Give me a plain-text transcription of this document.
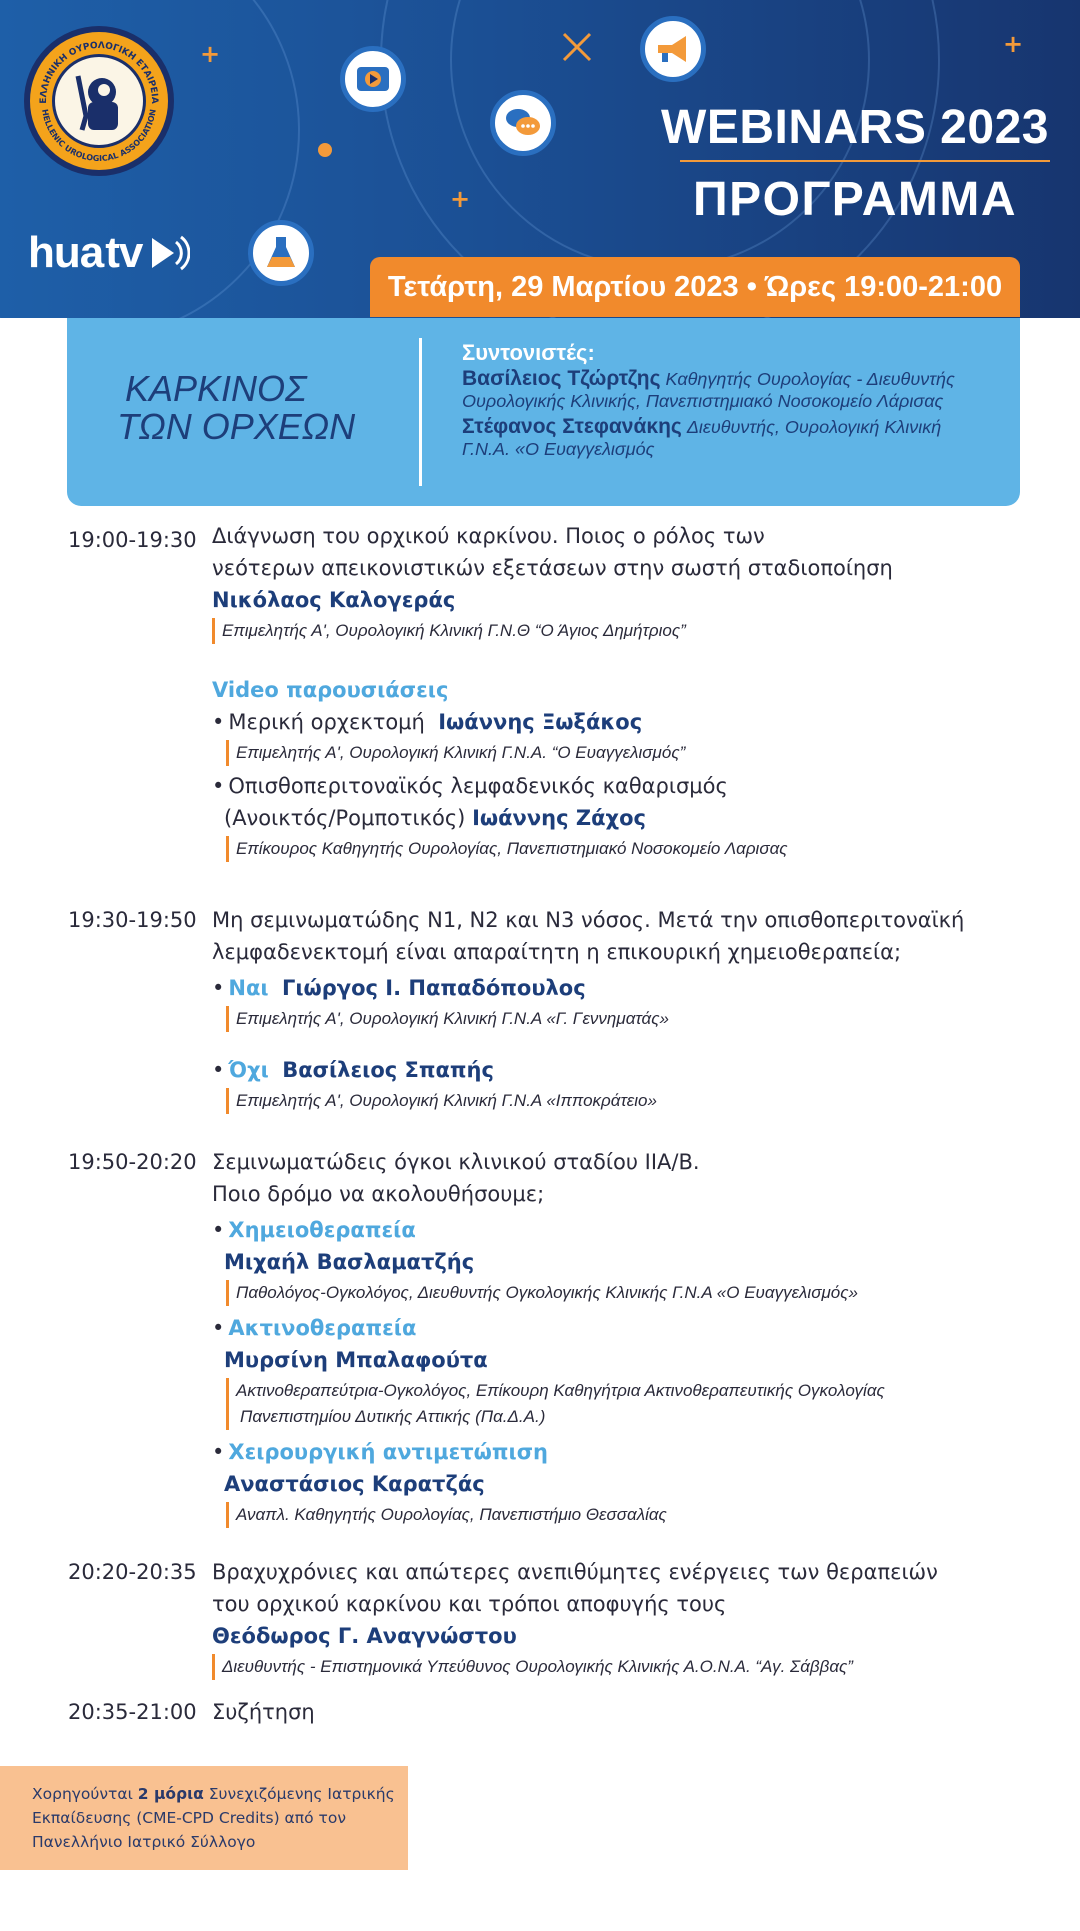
ΕΛΛΗΝΙΚΗ ΟΥΡΟΛΟΓΙΚΗ ΕΤΑΙΡΕΙΑ
HELLENIC UROLOGICAL ASSOCIATION
hua tv
+
+
+
WEBINARS 2023
ΠΡΟΓΡΑΜΜΑ
Τετάρτη, 29 Μαρτίου 2023 • Ώρες 19:00-21:00
ΚΑΡΚΙΝΟΣ
ΤΩΝ ΟΡΧΕΩΝ
Συντονιστές:
Βασίλειος Τζώρτζης Καθηγητής Ουρολογίας - Διευθυντής
Ουρολογικής Κλινικής, Πανεπιστημιακό Νοσοκομείο Λάρισας
Στέφανος Στεφανάκης Διευθυντής, Ουρολογική Κλινική
Γ.Ν.Α. «Ο Ευαγγελισμός
19:00-19:30 Διάγνωση του ορχικού καρκίνου. Ποιος ο ρόλος των
νεότερων απεικονιστικών εξετάσεων στην σωστή σταδιοποίηση
Νικόλαος Καλογεράς
Επιμελητής Α', Ουρολογική Κλινική Γ.Ν.Θ “Ο Άγιος Δημήτριος”
Video παρουσιάσεις
• Μερική ορχεκτομή Ιωάννης Ξωξάκος
Επιμελητής Α', Ουρολογική Κλινική Γ.Ν.Α. “Ο Ευαγγελισμός”
• Οπισθοπεριτοναϊκός λεμφαδενικός καθαρισμός
(Ανοικτός/Ρομποτικός) Ιωάννης Ζάχος
Επίκουρος Καθηγητής Ουρολογίας, Πανεπιστημιακό Νοσοκομείο Λαρισας
19:30-19:50 Μη σεμινωματώδης Ν1, Ν2 και Ν3 νόσος. Μετά την οπισθοπεριτοναϊκή
λεμφαδενεκτομή είναι απαραίτητη η επικουρική χημειοθεραπεία;
• Ναι Γιώργος Ι. Παπαδόπουλος
Επιμελητής Α', Ουρολογική Κλινική Γ.Ν.Α «Γ. Γεννηματάς»
• Όχι Βασίλειος Σπαπής
Επιμελητής Α', Ουρολογική Κλινική Γ.Ν.Α «Ιπποκράτειο»
19:50-20:20 Σεμινωματώδεις όγκοι κλινικού σταδίου ΙΙΑ/Β.
Ποιο δρόμο να ακολουθήσουμε;
• Χημειοθεραπεία
Μιχαήλ Βασλαματζής
Παθολόγος-Ογκολόγος, Διευθυντής Ογκολογικής Κλινικής Γ.Ν.Α «Ο Ευαγγελισμός»
• Ακτινοθεραπεία
Μυρσίνη Μπαλαφούτα
Ακτινοθεραπεύτρια-Ογκολόγος, Επίκουρη Καθηγήτρια Ακτινοθεραπευτικής Ογκολογίας
Πανεπιστημίου Δυτικής Αττικής (Πα.Δ.Α.)
• Χειρουργική αντιμετώπιση
Αναστάσιος Καρατζάς
Αναπλ. Καθηγητής Ουρολογίας, Πανεπιστήμιο Θεσσαλίας
20:20-20:35 Βραχυχρόνιες και απώτερες ανεπιθύμητες ενέργειες των θεραπειών
του ορχικού καρκίνου και τρόποι αποφυγής τους
Θεόδωρος Γ. Αναγνώστου
Διευθυντής - Επιστημονικά Υπεύθυνος Ουρολογικής Κλινικής Α.Ο.Ν.Α. “Αγ. Σάββας”
20:35-21:00 Συζήτηση
Χορηγούνται 2 μόρια Συνεχιζόμενης Ιατρικής
Εκπαίδευσης (CME-CPD Credits) από τον
Πανελλήνιο Ιατρικό Σύλλογο
